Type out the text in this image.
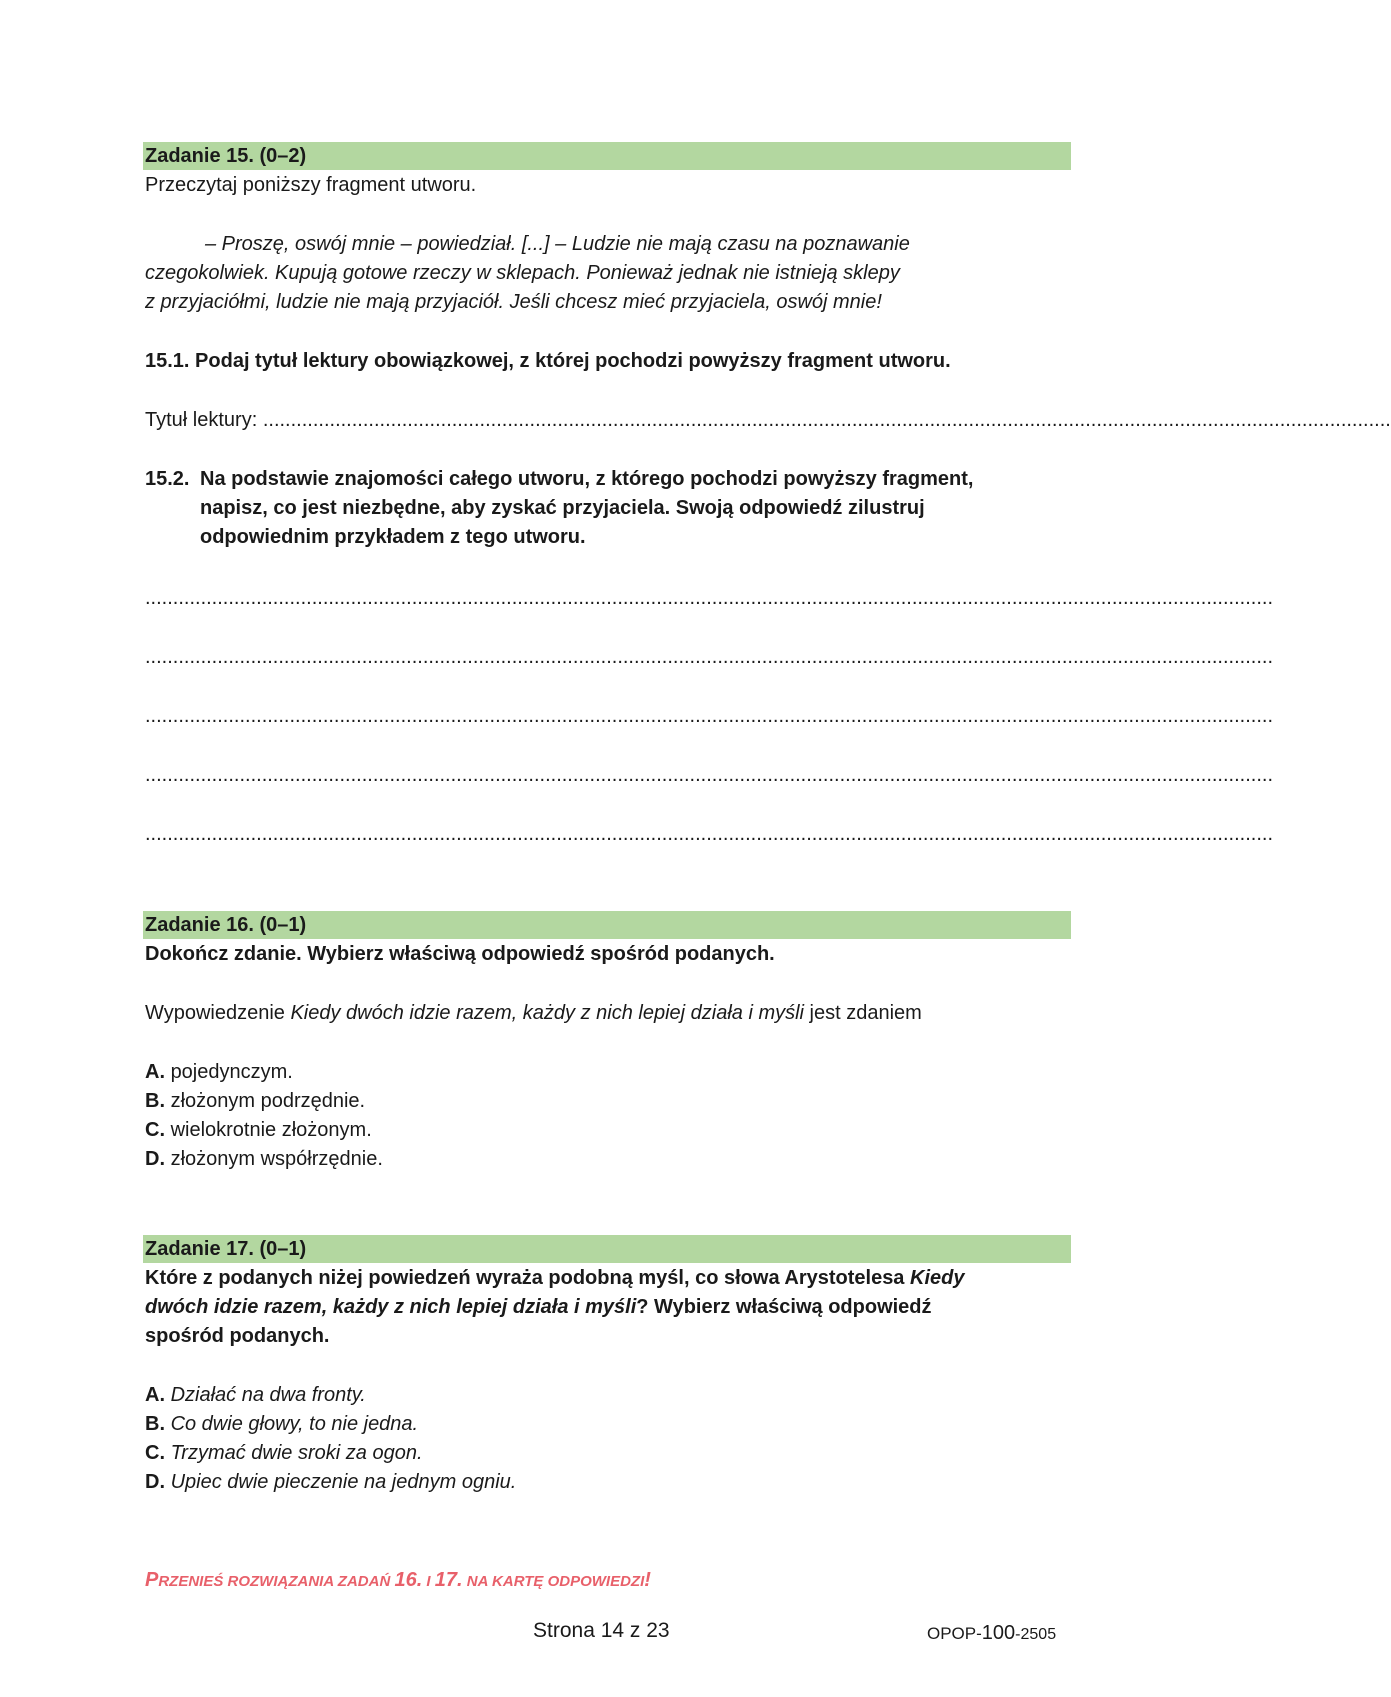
Zadanie 15. (0–2)
Przeczytaj poniższy fragment utworu.
– Proszę, oswój mnie – powiedział. [...] – Ludzie nie mają czasu na poznawanie
czegokolwiek. Kupują gotowe rzeczy w sklepach. Ponieważ jednak nie istnieją sklepy
z przyjaciółmi, ludzie nie mają przyjaciół. Jeśli chcesz mieć przyjaciela, oswój mnie!
15.1. Podaj tytuł lektury obowiązkowej, z której pochodzi powyższy fragment utworu.
Tytuł lektury: ...........................................................................................................................................................................................................
15.2. Na podstawie znajomości całego utworu, z którego pochodzi powyższy fragment,
napisz, co jest niezbędne, aby zyskać przyjaciela. Swoją odpowiedź zilustruj
odpowiednim przykładem z tego utworu.
...........................................................................................................................................................................................................
...........................................................................................................................................................................................................
...........................................................................................................................................................................................................
...........................................................................................................................................................................................................
...........................................................................................................................................................................................................
Zadanie 16. (0–1)
Dokończ zdanie. Wybierz właściwą odpowiedź spośród podanych.
Wypowiedzenie Kiedy dwóch idzie razem, każdy z nich lepiej działa i myśli jest zdaniem
A. pojedynczym.
B. złożonym podrzędnie.
C. wielokrotnie złożonym.
D. złożonym współrzędnie.
Zadanie 17. (0–1)
Które z podanych niżej powiedzeń wyraża podobną myśl, co słowa Arystotelesa Kiedy
dwóch idzie razem, każdy z nich lepiej działa i myśli? Wybierz właściwą odpowiedź
spośród podanych.
A. Działać na dwa fronty.
B. Co dwie głowy, to nie jedna.
C. Trzymać dwie sroki za ogon.
D. Upiec dwie pieczenie na jednym ogniu.
PRZENIEŚ ROZWIĄZANIA ZADAŃ 16. I 17. NA KARTĘ ODPOWIEDZI!
Strona 14 z 23	OPOP-100-2505
